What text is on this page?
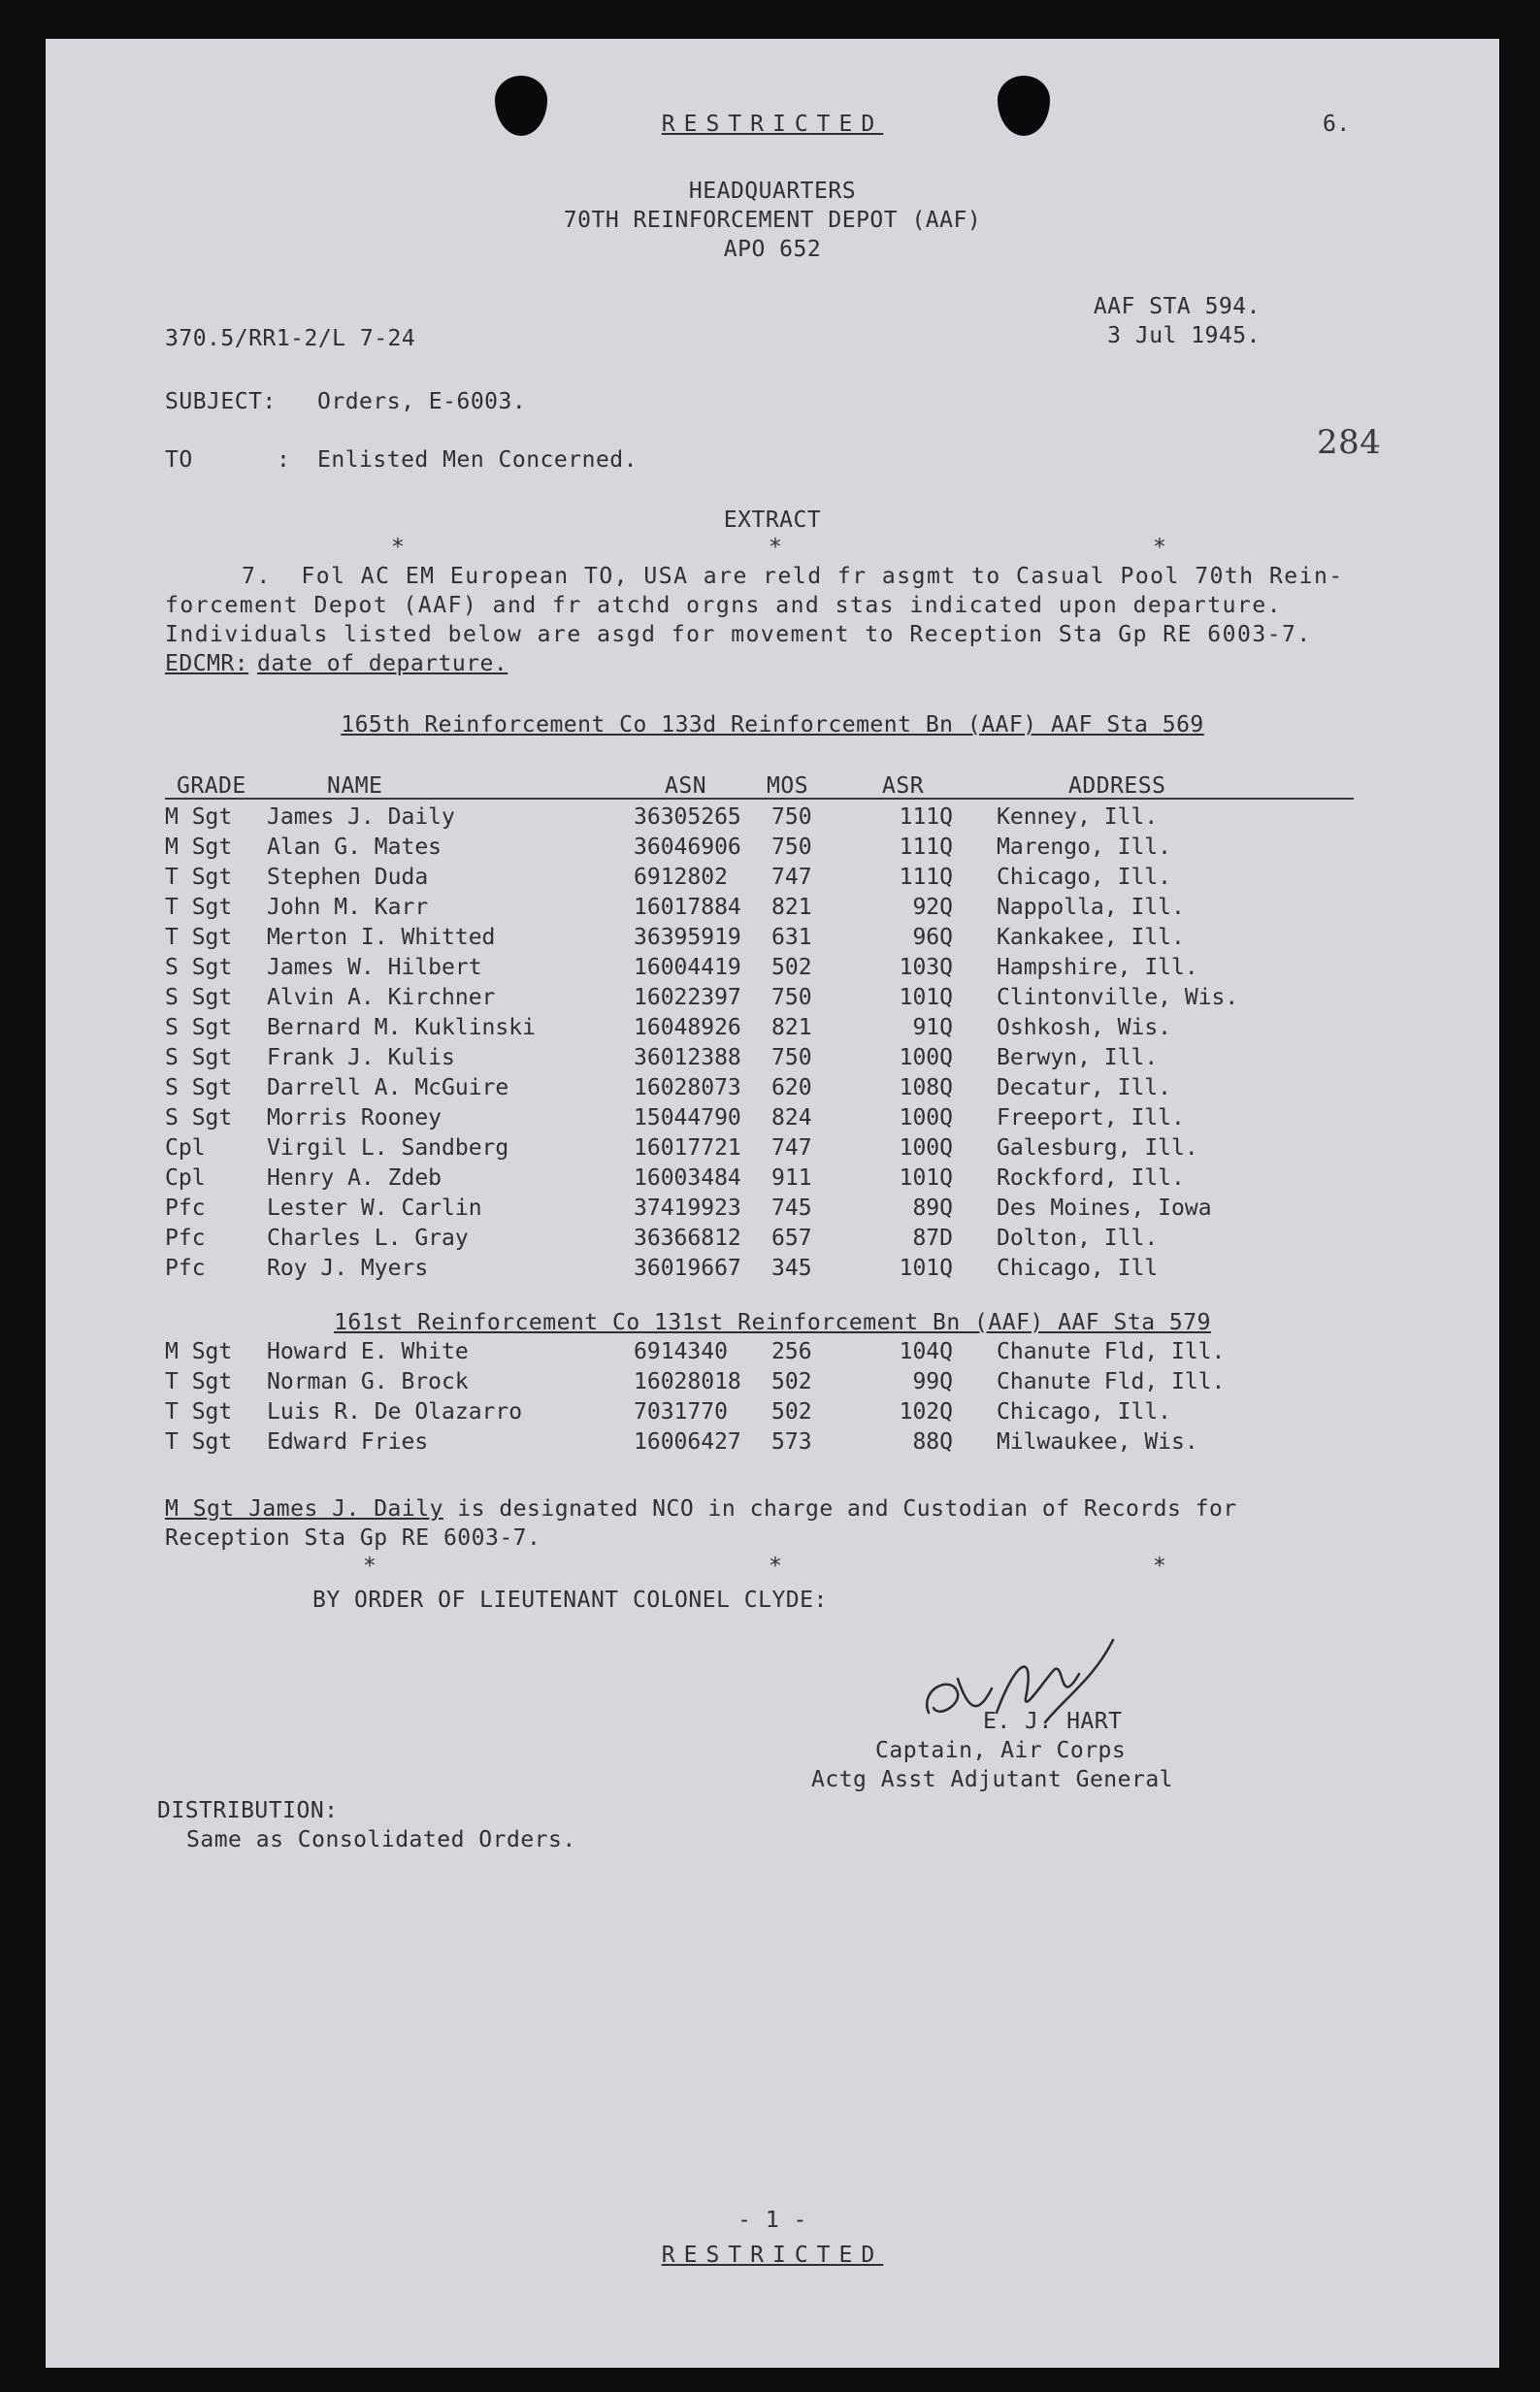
RESTRICTED	6.
HEADQUARTERS
70TH REINFORCEMENT DEPOT (AAF)
APO 652
AAF STA 594.
3 Jul 1945.
370.5/RR1-2/L 7-24
SUBJECT: Orders, E-6003.
284
TO	: Enlisted Men Concerned.
EXTRACT
*	*	*
7.  Fol AC EM European TO, USA are reld fr asgmt to Casual Pool 70th Rein-
forcement Depot (AAF) and fr atchd orgns and stas indicated upon departure.
Individuals listed below are asgd for movement to Reception Sta Gp RE 6003-7.
EDCMR: date of departure.
165th Reinforcement Co 133d Reinforcement Bn (AAF) AAF Sta 569
GRADE	NAME	ASN	MOS	ASR	ADDRESS
M Sgt James J. Daily	36305265 750	111Q Kenney, Ill.
M Sgt Alan G. Mates	36046906 750	111Q Marengo, Ill.
T Sgt Stephen Duda	6912802 747	111Q Chicago, Ill.
T Sgt John M. Karr	16017884 821	92Q Nappolla, Ill.
T Sgt Merton I. Whitted	36395919 631	96Q Kankakee, Ill.
S Sgt James W. Hilbert	16004419 502	103Q Hampshire, Ill.
S Sgt Alvin A. Kirchner	16022397 750	101Q Clintonville, Wis.
S Sgt Bernard M. Kuklinski	16048926 821	91Q Oshkosh, Wis.
S Sgt Frank J. Kulis	36012388 750	100Q Berwyn, Ill.
S Sgt Darrell A. McGuire	16028073 620	108Q Decatur, Ill.
S Sgt Morris Rooney	15044790 824	100Q Freeport, Ill.
Cpl	Virgil L. Sandberg	16017721 747	100Q Galesburg, Ill.
Cpl	Henry A. Zdeb	16003484 911	101Q Rockford, Ill.
Pfc	Lester W. Carlin	37419923 745	89Q Des Moines, Iowa
Pfc	Charles L. Gray	36366812 657	87D Dolton, Ill.
Pfc	Roy J. Myers	36019667 345	101Q Chicago, Ill
161st Reinforcement Co 131st Reinforcement Bn (AAF) AAF Sta 579
M Sgt Howard E. White	6914340 256	104Q Chanute Fld, Ill.
T Sgt Norman G. Brock	16028018 502	99Q Chanute Fld, Ill.
T Sgt Luis R. De Olazarro	7031770 502	102Q Chicago, Ill.
T Sgt Edward Fries	16006427 573	88Q Milwaukee, Wis.
M Sgt James J. Daily is designated NCO in charge and Custodian of Records for
Reception Sta Gp RE 6003-7.
*	*	*
BY ORDER OF LIEUTENANT COLONEL CLYDE:
E. J. HART
Captain, Air Corps
Actg Asst Adjutant General
DISTRIBUTION:
Same as Consolidated Orders.
- 1 -
RESTRICTED
